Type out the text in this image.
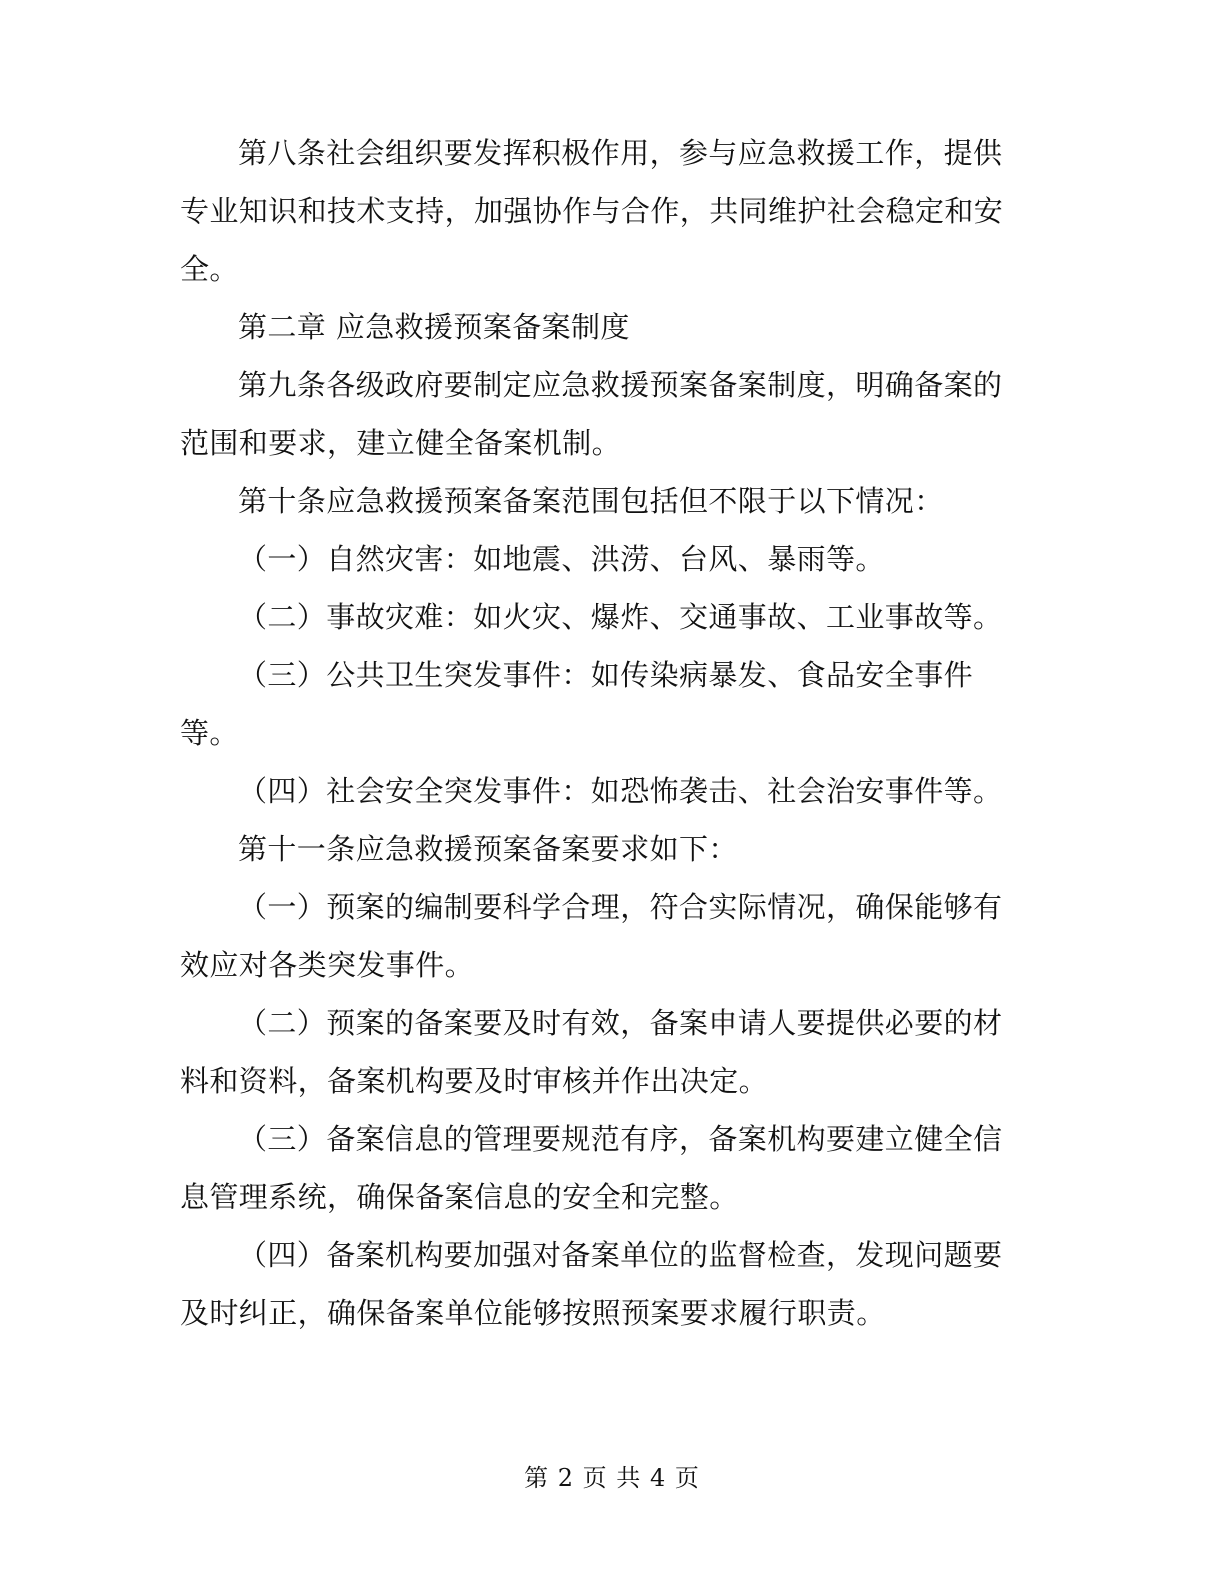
第八条社会组织要发挥积极作用，参与应急救援工作，提供专业知识和技术支持，加强协作与合作，共同维护社会稳定和安全。

第二章 应急救援预案备案制度

第九条各级政府要制定应急救援预案备案制度，明确备案的范围和要求，建立健全备案机制。

第十条应急救援预案备案范围包括但不限于以下情况：

（一）自然灾害：如地震、洪涝、台风、暴雨等。

（二）事故灾难：如火灾、爆炸、交通事故、工业事故等。

（三）公共卫生突发事件：如传染病暴发、食品安全事件等。

（四）社会安全突发事件：如恐怖袭击、社会治安事件等。

第十一条应急救援预案备案要求如下：

（一）预案的编制要科学合理，符合实际情况，确保能够有效应对各类突发事件。

（二）预案的备案要及时有效，备案申请人要提供必要的材料和资料，备案机构要及时审核并作出决定。

（三）备案信息的管理要规范有序，备案机构要建立健全信息管理系统，确保备案信息的安全和完整。

（四）备案机构要加强对备案单位的监督检查，发现问题要及时纠正，确保备案单位能够按照预案要求履行职责。

第 2 页 共 4 页
